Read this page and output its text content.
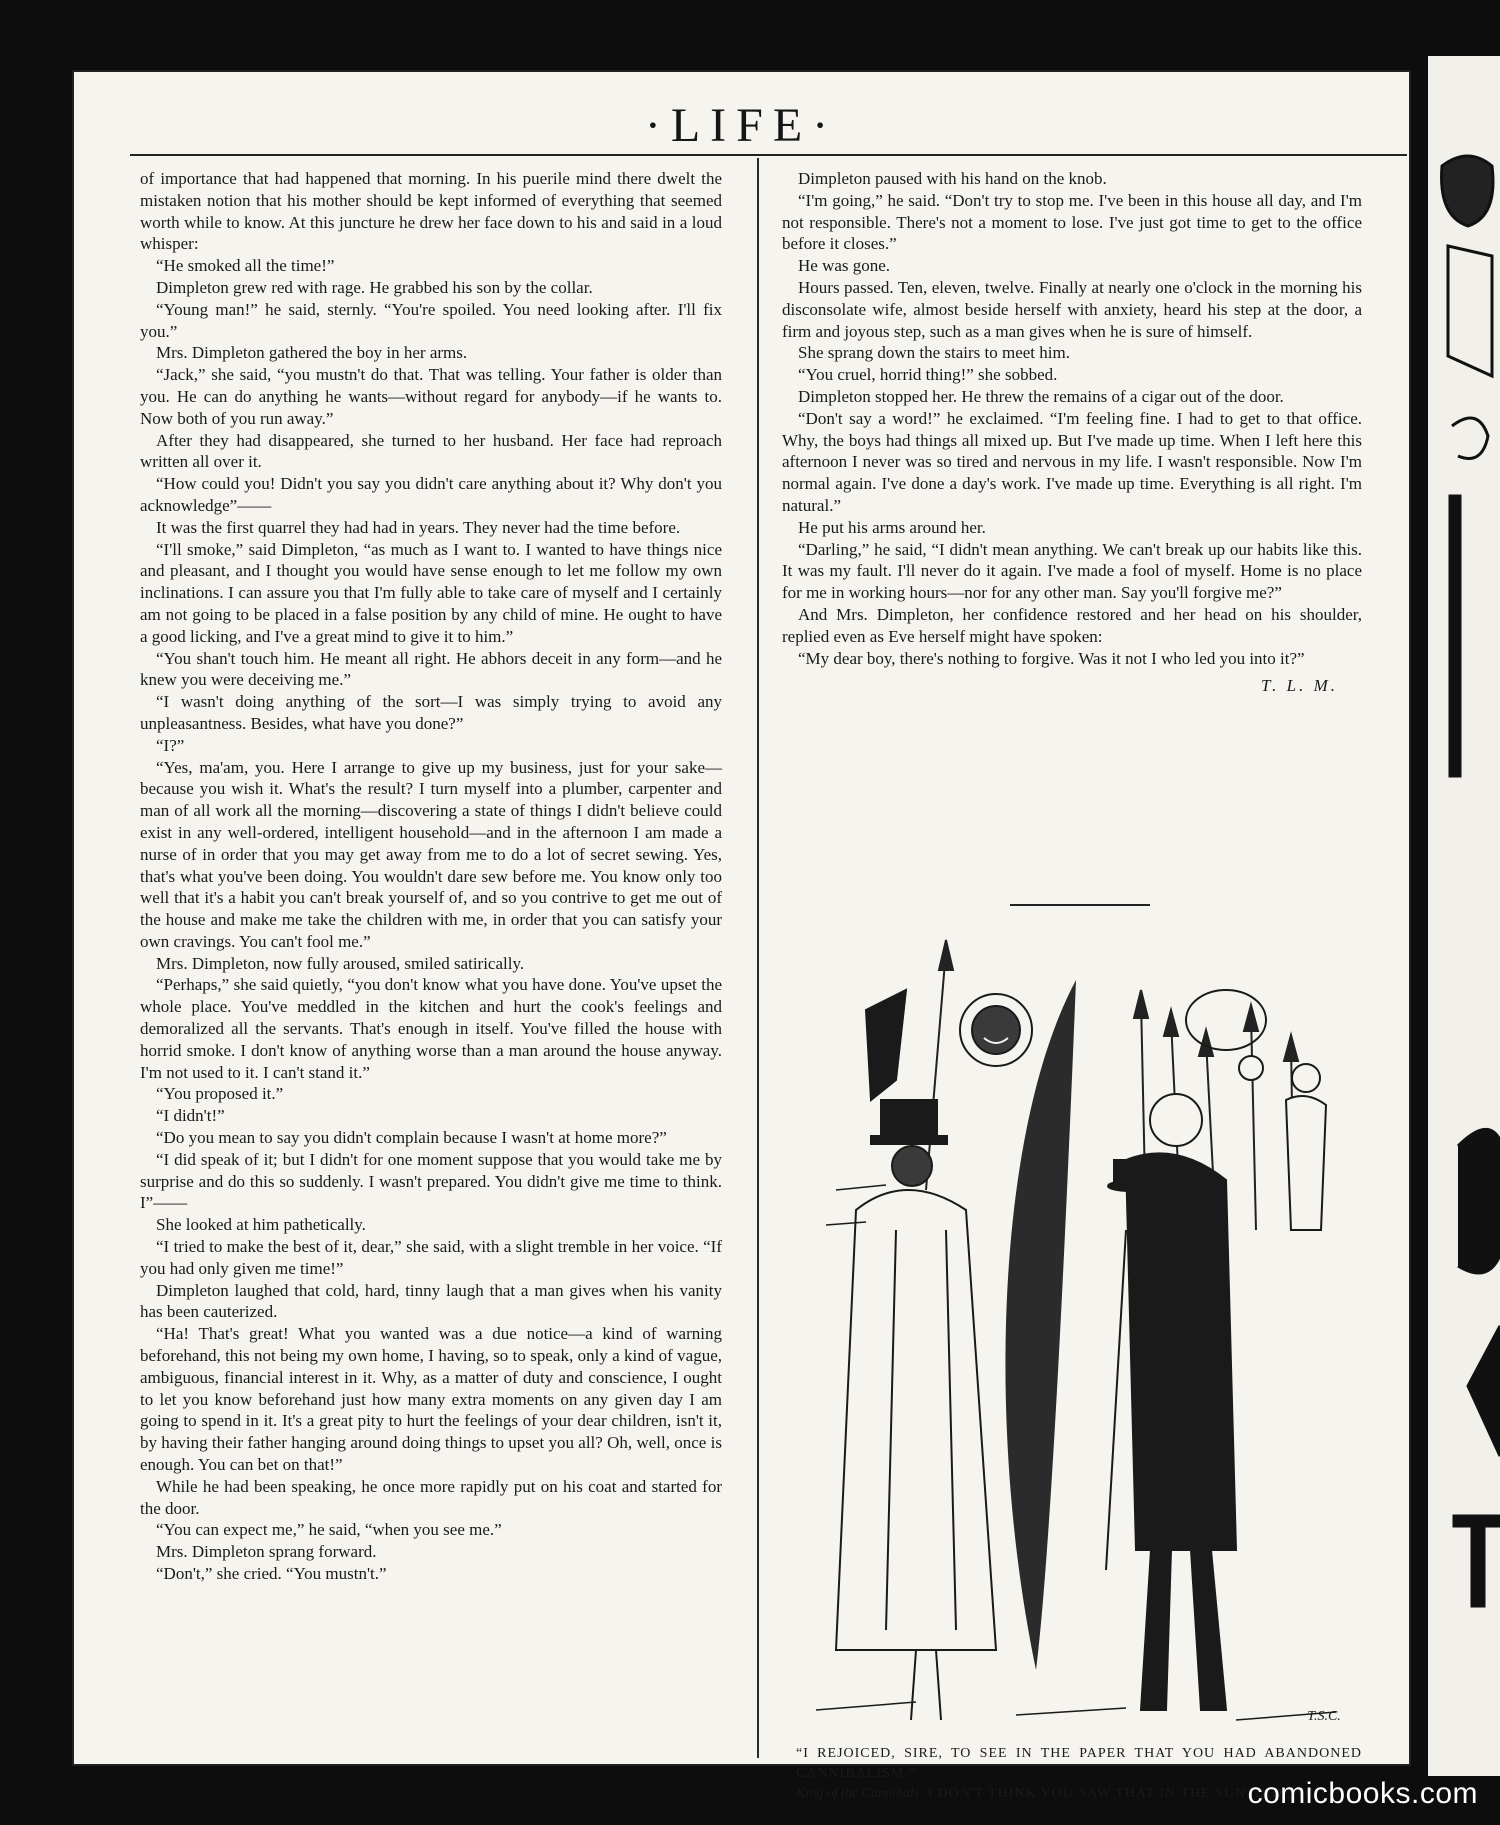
·LIFE·

of importance that had happened that morning. In his puerile mind there dwelt the mistaken notion that his mother should be kept informed of everything that seemed worth while to know. At this juncture he drew her face down to his and said in a loud whisper:

“He smoked all the time!”

Dimpleton grew red with rage. He grabbed his son by the collar.

“Young man!” he said, sternly. “You're spoiled. You need looking after. I'll fix you.”

Mrs. Dimpleton gathered the boy in her arms.

“Jack,” she said, “you mustn't do that. That was telling. Your father is older than you. He can do anything he wants—without regard for anybody—if he wants to. Now both of you run away.”

After they had disappeared, she turned to her husband. Her face had reproach written all over it.

“How could you! Didn't you say you didn't care anything about it? Why don't you acknowledge”——

It was the first quarrel they had had in years. They never had the time before.

“I'll smoke,” said Dimpleton, “as much as I want to. I wanted to have things nice and pleasant, and I thought you would have sense enough to let me follow my own inclinations. I can assure you that I'm fully able to take care of myself and I certainly am not going to be placed in a false position by any child of mine. He ought to have a good licking, and I've a great mind to give it to him.”

“You shan't touch him. He meant all right. He abhors deceit in any form—and he knew you were deceiving me.”

“I wasn't doing anything of the sort—I was simply trying to avoid any unpleasantness. Besides, what have you done?”

“I?”

“Yes, ma'am, you. Here I arrange to give up my business, just for your sake—because you wish it. What's the result? I turn myself into a plumber, carpenter and man of all work all the morning—discovering a state of things I didn't believe could exist in any well-ordered, intelligent household—and in the afternoon I am made a nurse of in order that you may get away from me to do a lot of secret sewing. Yes, that's what you've been doing. You wouldn't dare sew before me. You know only too well that it's a habit you can't break yourself of, and so you contrive to get me out of the house and make me take the children with me, in order that you can satisfy your own cravings. You can't fool me.”

Mrs. Dimpleton, now fully aroused, smiled satirically.

“Perhaps,” she said quietly, “you don't know what you have done. You've upset the whole place. You've meddled in the kitchen and hurt the cook's feelings and demoralized all the servants. That's enough in itself. You've filled the house with horrid smoke. I don't know of anything worse than a man around the house anyway. I'm not used to it. I can't stand it.”

“You proposed it.”

“I didn't!”

“Do you mean to say you didn't complain because I wasn't at home more?”

“I did speak of it; but I didn't for one moment suppose that you would take me by surprise and do this so suddenly. I wasn't prepared. You didn't give me time to think. I”——

She looked at him pathetically.

“I tried to make the best of it, dear,” she said, with a slight tremble in her voice. “If you had only given me time!”

Dimpleton laughed that cold, hard, tinny laugh that a man gives when his vanity has been cauterized.

“Ha! That's great! What you wanted was a due notice—a kind of warning beforehand, this not being my own home, I having, so to speak, only a kind of vague, ambiguous, financial interest in it. Why, as a matter of duty and conscience, I ought to let you know beforehand just how many extra moments on any given day I am going to spend in it. It's a great pity to hurt the feelings of your dear children, isn't it, by having their father hanging around doing things to upset you all? Oh, well, once is enough. You can bet on that!”

While he had been speaking, he once more rapidly put on his coat and started for the door.

“You can expect me,” he said, “when you see me.”

Mrs. Dimpleton sprang forward.

“Don't,” she cried. “You mustn't.”

Dimpleton paused with his hand on the knob.

“I'm going,” he said. “Don't try to stop me. I've been in this house all day, and I'm not responsible. There's not a moment to lose. I've just got time to get to the office before it closes.”

He was gone.

Hours passed. Ten, eleven, twelve. Finally at nearly one o'clock in the morning his disconsolate wife, almost beside herself with anxiety, heard his step at the door, a firm and joyous step, such as a man gives when he is sure of himself.

She sprang down the stairs to meet him.

“You cruel, horrid thing!” she sobbed.

Dimpleton stopped her. He threw the remains of a cigar out of the door.

“Don't say a word!” he exclaimed. “I'm feeling fine. I had to get to that office. Why, the boys had things all mixed up. But I've made up time. When I left here this afternoon I never was so tired and nervous in my life. I wasn't responsible. Now I'm normal again. I've done a day's work. I've made up time. Everything is all right. I'm natural.”

He put his arms around her.

“Darling,” he said, “I didn't mean anything. We can't break up our habits like this. It was my fault. I'll never do it again. I've made a fool of myself. Home is no place for me in working hours—nor for any other man. Say you'll forgive me?”

And Mrs. Dimpleton, her confidence restored and her head on his shoulder, replied even as Eve herself might have spoken:

“My dear boy, there's nothing to forgive. Was it not I who led you into it?”

T. L. M.
T.S.C.
“I REJOICED, SIRE, TO SEE IN THE PAPER THAT YOU HAD ABANDONED CANNIBALISM.”
King of the Cannibals: I DON'T THINK YOU SAW THAT IN THE SUN, DID YOU?
comicbooks.com
